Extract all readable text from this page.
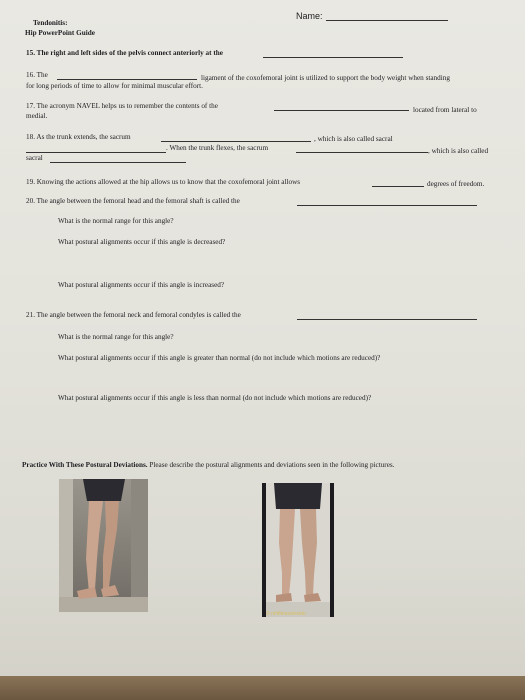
Name:
Tendonitis:
Hip PowerPoint Guide
15. The right and left sides of the pelvis connect anteriorly at the
16. The	ligament of the coxofemoral joint is utilized to support the body weight when standing
for long periods of time to allow for minimal muscular effort.
17. The acronym NAVEL helps us to remember the contents of the	located from lateral to
medial.
18. As the trunk extends, the sacrum	, which is also called sacral
. When the trunk flexes, the sacrum	, which is also called
sacral
19. Knowing the actions allowed at the hip allows us to know that the coxofemoral joint allows	degrees of freedom.
20. The angle between the femoral head and the femoral shaft is called the
What is the normal range for this angle?
What postural alignments occur if this angle is decreased?
What postural alignments occur if this angle is increased?
21. The angle between the femoral neck and femoral condyles is called the
What is the normal range for this angle?
What postural alignments occur if this angle is greater than normal (do not include which motions are reduced)?
What postural alignments occur if this angle is less than normal (do not include which motions are reduced)?
Practice With These Postural Deviations. Please describe the postural alignments and deviations seen in the following pictures.
© mhfitnesshowto
